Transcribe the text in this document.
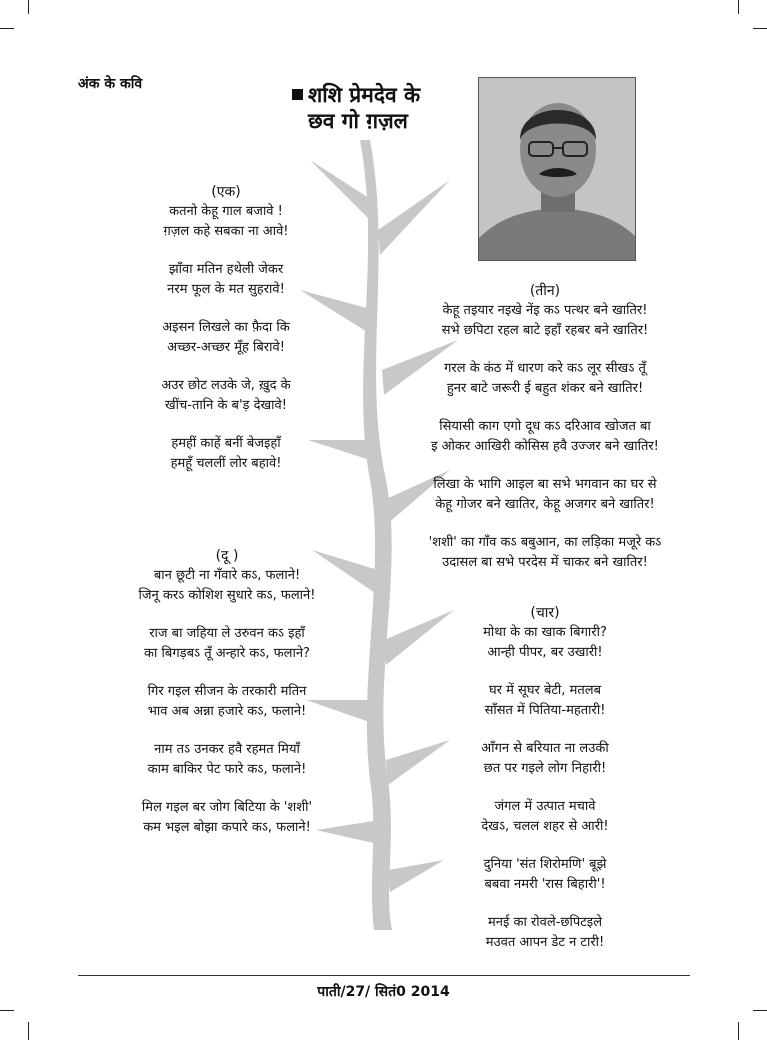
अंक के कवि	शशि प्रेमदेव के
छव गो ग़ज़ल
(एक)
कतनो केहू गाल बजावे !
ग़ज़ल कहे सबका ना आवे!
झाँवा मतिन हथेली जेकर
नरम फूल के मत सुहरावे!
अइसन लिखले का फ़ैदा कि
अच्छर-अच्छर मूँह बिरावे!
अउर छोट लउके जे, ख़ुद के
खींच-तानि के ब'ड़ देखावे!
हमहीं काहें बनीं बेजइहाँ
हमहूँ चललीं लोर बहावे!
(दू )
बान छूटी ना गँवारे कऽ, फलाने!
जिनू करऽ कोशिश सुधारे कऽ, फलाने!
राज बा जहिया ले उरुवन कऽ इहाँ
का बिगड़बऽ तूँ अन्हारे कऽ, फलाने?
गिर गइल सीजन के तरकारी मतिन
भाव अब अन्ना हजारे कऽ, फलाने!
नाम तऽ उनकर हवै रहमत मियाँ
काम बाकिर पेट फारे कऽ, फलाने!
मिल गइल बर जोग बिटिया के 'शशी'
कम भइल बोझा कपारे कऽ, फलाने!
(तीन)
केहू तइयार नइखे नेंइ कऽ पत्थर बने खातिर!
सभे छपिटा रहल बाटे इहाँ रहबर बने खातिर!
गरल के कंठ में धारण करे कऽ लूर सीखऽ तूँ
हुनर बाटे जरूरी ई बहुत शंकर बने खातिर!
सियासी काग एगो दूध कऽ दरिआव खोजत बा
इ ओकर आखिरी कोसिस हवै उज्जर बने खातिर!
लिखा के भागि आइल बा सभे भगवान का घर से
केहू गोजर बने खातिर, केहू अजगर बने खातिर!
'शशी' का गाँव कऽ बबुआन, का लड़िका मजूरे कऽ
उदासल बा सभे परदेस में चाकर बने खातिर!
(चार)
मोथा के का खाक बिगारी?
आन्ही पीपर, बर उखारी!
घर में सूघर बेटी, मतलब
साँसत में पितिया-महतारी!
आँगन से बरियात ना लउकी
छत पर गइले लोग निहारी!
जंगल में उत्पात मचावे
देखऽ, चलल शहर से आरी!
दुनिया 'संत शिरोमणि' बूझे
बबवा नमरी 'रास बिहारी'!
मनई का रोवले-छपिटइले
मउवत आपन डेट न टारी!
पाती/27/ सितं0 2014
